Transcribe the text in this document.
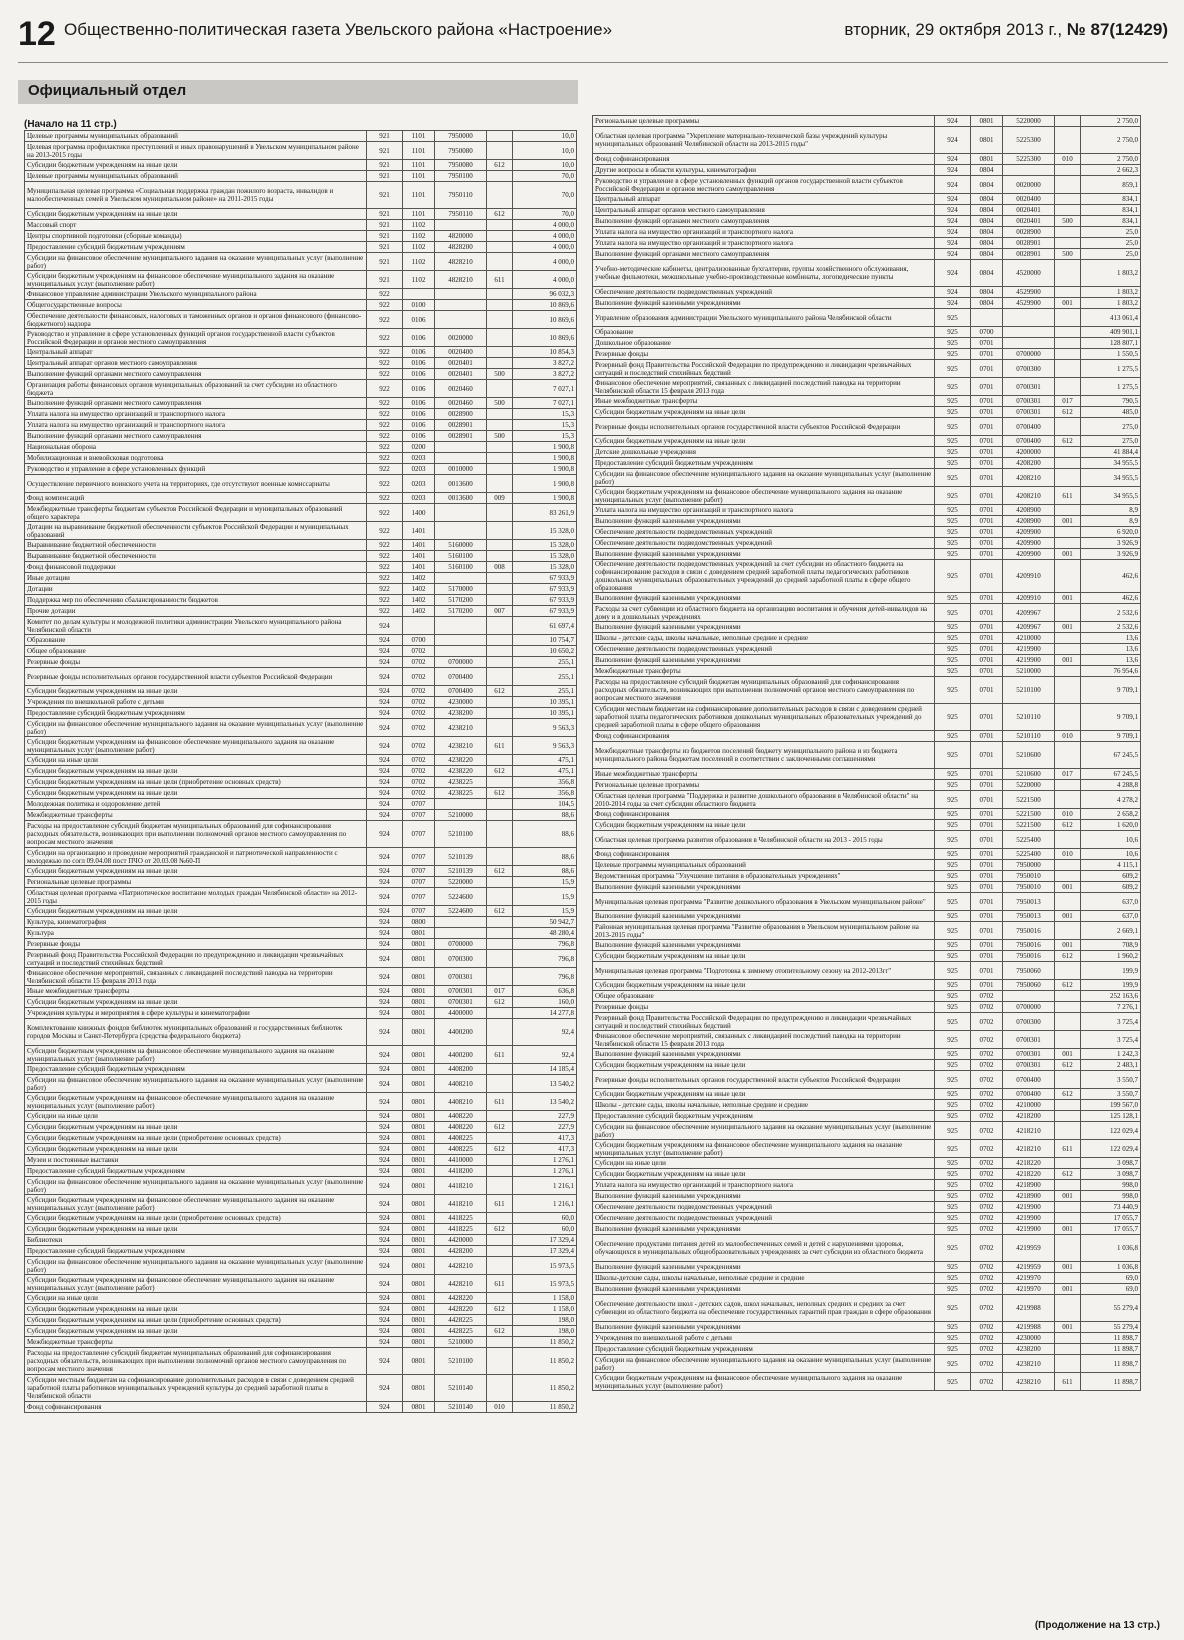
12 Общественно-политическая газета Увельского района «Настроение»	вторник, 29 октября 2013 г., № 87(12429)
Официальный отдел
(Начало на 11 стр.)
Целевые программы муниципальных образований	921	1101	7950000		10,0
Целевая программа профилактики преступлений и иных правонарушений в Увельском муниципальном районе на 2013-2015 годы	921	1101	7950080		10,0
Субсидии бюджетным учреждениям на иные цели	921	1101	7950080	612	10,0
Целевые программы муниципальных образований	921	1101	7950100		70,0
Муниципальная целевая программа «Социальная поддержка граждан пожилого возраста, инвалидов и малообеспеченных семей в Увельском муниципальном районе» на 2011-2015 годы	921	1101	7950110		70,0
Субсидии бюджетным учреждениям на иные цели	921	1101	7950110	612	70,0
Массовый спорт	921	1102			4 000,0
Центры спортивной подготовки (сборные команды)	921	1102	4820000		4 000,0
Предоставление субсидий бюджетным учреждениям	921	1102	4828200		4 000,0
Субсидии на финансовое обеспечение муниципального задания на оказание муниципальных услуг (выполнение работ)	921	1102	4828210		4 000,0
Субсидии бюджетным учреждениям на финансовое обеспечение муниципального задания на оказание муниципальных услуг (выполнение работ)	921	1102	4828210	611	4 000,0
Финансовое управление администрации Увельского муниципального района	922				96 032,3
Общегосударственные вопросы	922	0100			10 869,6
Обеспечение деятельности финансовых, налоговых и таможенных органов и органов финансового (финансово-бюджетного) надзора	922	0106			10 869,6
Руководство и управление в сфере установленных функций органов государственной власти субъектов Российской Федерации и органов местного самоуправления	922	0106	0020000		10 869,6
Центральный аппарат	922	0106	0020400		10 854,3
Центральный аппарат органов местного самоуправления	922	0106	0020401		3 827,2
Выполнение функций органами местного самоуправления	922	0106	0020401	500	3 827,2
Организация работы финансовых органов муниципальных образований за счет субсидии из областного бюджета	922	0106	0020460		7 027,1
Выполнение функций органами местного самоуправления	922	0106	0020460	500	7 027,1
Уплата налога на имущество организаций и транспортного налога	922	0106	0028900		15,3
Уплата налога на имущество организаций и транспортного налога	922	0106	0028901		15,3
Выполнение функций органами местного самоуправления	922	0106	0028901	500	15,3
Национальная оборона	922	0200			1 900,8
Мобилизационная и вневойсковая подготовка	922	0203			1 900,8
Руководство и управление в сфере установленных функций	922	0203	0010000		1 900,8
Осуществление первичного воинского учета на территориях, где отсутствуют военные комиссариаты	922	0203	0013600		1 900,8
Фонд компенсаций	922	0203	0013600	009	1 900,8
Межбюджетные трансферты бюджетам субъектов Российской Федерации и муниципальных образований общего характера	922	1400			83 261,9
Дотации на выравнивание бюджетной обеспеченности субъектов Российской Федерации и муниципальных образований	922	1401			15 328,0
Выравнивание бюджетной обеспеченности	922	1401	5160000		15 328,0
Выравнивание бюджетной обеспеченности	922	1401	5160100		15 328,0
Фонд финансовой поддержки	922	1401	5160100	008	15 328,0
Иные дотации	922	1402			67 933,9
Дотации	922	1402	5170000		67 933,9
Поддержка мер по обеспечению сбалансированности бюджетов	922	1402	5170200		67 933,9
Прочие дотации	922	1402	5170200	007	67 933,9
Комитет по делам культуры и молодежной политики администрации Увельского муниципального района Челябинской области	924				61 697,4
Образование	924	0700			10 754,7
Общее образование	924	0702			10 650,2
Резервные фонды	924	0702	0700000		255,1
Резервные фонды исполнительных органов государственной власти субъектов Российской Федерации	924	0702	0700400		255,1
Субсидии бюджетным учреждениям на иные цели	924	0702	0700400	612	255,1
Учреждения по внешкольной работе с детьми	924	0702	4230000		10 395,1
Предоставление субсидий бюджетным учреждениям	924	0702	4238200		10 395,1
Субсидии на финансовое обеспечение муниципального задания на оказание муниципальных услуг (выполнение работ)	924	0702	4238210		9 563,3
Субсидии бюджетным учреждениям на финансовое обеспечение муниципального задания на оказание муниципальных услуг (выполнение работ)	924	0702	4238210	611	9 563,3
Субсидии на иные цели	924	0702	4238220		475,1
Субсидии бюджетным учреждениям на иные цели	924	0702	4238220	612	475,1
Субсидии бюджетным учреждениям на иные цели (приобретение основных средств)	924	0702	4238225		356,8
Субсидии бюджетным учреждениям на иные цели	924	0702	4238225	612	356,8
Молодежная политика и оздоровление детей	924	0707			104,5
Межбюджетные трансферты	924	0707	5210000		88,6
Расходы на предоставление субсидий бюджетам муниципальных образований для софинансирования расходных обязательств, возникающих при выполнении полномочий органов местного самоуправления по вопросам местного значения	924	0707	5210100		88,6
Субсидии на организацию и проведение мероприятий гражданской и патриотической направленности с молодежью по согл 09.04.08 пост ПЧО от 20.03.08 №60-П	924	0707	5210139		88,6
Субсидии бюджетным учреждениям на иные цели	924	0707	5210139	612	88,6
Региональные целевые программы	924	0707	5220000		15,9
Областная целевая программа «Патриотическое воспитание молодых граждан Челябинской области» на 2012-2015 годы	924	0707	5224600		15,9
Субсидии бюджетным учреждениям на иные цели	924	0707	5224600	612	15,9
Культура, кинематография	924	0800			50 942,7
Культура	924	0801			48 280,4
Резервные фонды	924	0801	0700000		796,8
Резервный фонд Правительства Российской Федерации по предупреждению и ликвидации чрезвычайных ситуаций и последствий стихийных бедствий	924	0801	0700300		796,8
Финансовое обеспечение мероприятий, связанных с ликвидацией последствий паводка на территории Челябинской области 15 февраля 2013 года	924	0801	0700301		796,8
Иные межбюджетные трансферты	924	0801	0700301	017	636,8
Субсидии бюджетным учреждениям на иные цели	924	0801	0700301	612	160,0
Учреждения культуры и мероприятия в сфере культуры и кинематографии	924	0801	4400000		14 277,8
Комплектование книжных фондов библиотек муниципальных образований и государственных библиотек городов Москвы и Санкт-Петербурга (средства федерального бюджета)	924	0801	4400200		92,4
Субсидии бюджетным учреждениям на финансовое обеспечение муниципального задания на оказание муниципальных услуг (выполнение работ)	924	0801	4400200	611	92,4
Предоставление субсидий бюджетным учреждениям	924	0801	4408200		14 185,4
Субсидии на финансовое обеспечение муниципального задания на оказание муниципальных услуг (выполнение работ)	924	0801	4408210		13 540,2
Субсидии бюджетным учреждениям на финансовое обеспечение муниципального задания на оказание муниципальных услуг (выполнение работ)	924	0801	4408210	611	13 540,2
Субсидии на иные цели	924	0801	4408220		227,9
Субсидии бюджетным учреждениям на иные цели	924	0801	4408220	612	227,9
Субсидии бюджетным учреждениям на иные цели (приобретение основных средств)	924	0801	4408225		417,3
Субсидии бюджетным учреждениям на иные цели	924	0801	4408225	612	417,3
Музеи и постоянные выставки	924	0801	4410000		1 276,1
Предоставление субсидий бюджетным учреждениям	924	0801	4418200		1 276,1
Субсидии на финансовое обеспечение муниципального задания на оказание муниципальных услуг (выполнение работ)	924	0801	4418210		1 216,1
Субсидии бюджетным учреждениям на финансовое обеспечение муниципального задания на оказание муниципальных услуг (выполнение работ)	924	0801	4418210	611	1 216,1
Субсидии бюджетным учреждениям на иные цели (приобретение основных средств)	924	0801	4418225		60,0
Субсидии бюджетным учреждениям на иные цели	924	0801	4418225	612	60,0
Библиотеки	924	0801	4420000		17 329,4
Предоставление субсидий бюджетным учреждениям	924	0801	4428200		17 329,4
Субсидии на финансовое обеспечение муниципального задания на оказание муниципальных услуг (выполнение работ)	924	0801	4428210		15 973,5
Субсидии бюджетным учреждениям на финансовое обеспечение муниципального задания на оказание муниципальных услуг (выполнение работ)	924	0801	4428210	611	15 973,5
Субсидии на иные цели	924	0801	4428220		1 158,0
Субсидии бюджетным учреждениям на иные цели	924	0801	4428220	612	1 158,0
Субсидии бюджетным учреждениям на иные цели (приобретение основных средств)	924	0801	4428225		198,0
Субсидии бюджетным учреждениям на иные цели	924	0801	4428225	612	198,0
Межбюджетные трансферты	924	0801	5210000		11 850,2
Расходы на предоставление субсидий бюджетам муниципальных образований для софинансирования расходных обязательств, возникающих при выполнении полномочий органов местного самоуправления по вопросам местного значения	924	0801	5210100		11 850,2
Субсидии местным бюджетам на софинансирование дополнительных расходов в связи с доведением средней заработной платы работников муниципальных учреждений культуры до средней заработной платы в Челябинской области	924	0801	5210140		11 850,2
Фонд софинансирования	924	0801	5210140	010	11 850,2
Региональные целевые программы	924	0801	5220000		2 750,0
Областная целевая программа "Укрепление материально-технической базы учреждений культуры муниципальных образований Челябинской области на 2013-2015 годы"	924	0801	5225300		2 750,0
Фонд софинансирования	924	0801	5225300	010	2 750,0
Другие вопросы в области культуры, кинематографии	924	0804			2 662,3
Руководство и управление в сфере установленных функций органов государственной власти субъектов Российской Федерации и органов местного самоуправления	924	0804	0020000		859,1
Центральный аппарат	924	0804	0020400		834,1
Центральный аппарат органов местного самоуправления	924	0804	0020401		834,1
Выполнение функций органами местного самоуправления	924	0804	0020401	500	834,1
Уплата налога на имущество организаций и транспортного налога	924	0804	0028900		25,0
Уплата налога на имущество организаций и транспортного налога	924	0804	0028901		25,0
Выполнение функций органами местного самоуправления	924	0804	0028901	500	25,0
Учебно-методические кабинеты, централизованные бухгалтерии, группы хозяйственного обслуживания, учебные фильмотеки, межшкольные учебно-производственные комбинаты, логопедические пункты	924	0804	4520000		1 803,2
Обеспечение деятельности подведомственных учреждений	924	0804	4529900		1 803,2
Выполнение функций казенными учреждениями	924	0804	4529900	001	1 803,2
Управление образования администрации Увельского муниципального района Челябинской области	925				413 061,4
Образование	925	0700			409 901,1
Дошкольное образование	925	0701			128 807,1
Резервные фонды	925	0701	0700000		1 550,5
Резервный фонд Правительства Российской Федерации по предупреждению и ликвидации чрезвычайных ситуаций и последствий стихийных бедствий	925	0701	0700300		1 275,5
Финансовое обеспечение мероприятий, связанных с ликвидацией последствий паводка на территории Челябинской области 15 февраля 2013 года	925	0701	0700301		1 275,5
Иные межбюджетные трансферты	925	0701	0700301	017	790,5
Субсидии бюджетным учреждениям на иные цели	925	0701	0700301	612	485,0
Резервные фонды исполнительных органов государственной власти субъектов Российской Федерации	925	0701	0700400		275,0
Субсидии бюджетным учреждениям на иные цели	925	0701	0700400	612	275,0
Детские дошкольные учреждения	925	0701	4200000		41 884,4
Предоставление субсидий бюджетным учреждениям	925	0701	4208200		34 955,5
Субсидии на финансовое обеспечение муниципального задания на оказание муниципальных услуг (выполнение работ)	925	0701	4208210		34 955,5
Субсидии бюджетным учреждениям на финансовое обеспечение муниципального задания на оказание муниципальных услуг (выполнение работ)	925	0701	4208210	611	34 955,5
Уплата налога на имущество организаций и транспортного налога	925	0701	4208900		8,9
Выполнение функций казенными учреждениями	925	0701	4208900	001	8,9
Обеспечение деятельности подведомственных учреждений	925	0701	4209900		6 920,0
Обеспечение деятельности подведомственных учреждений	925	0701	4209900		3 926,9
Выполнение функций казенными учреждениями	925	0701	4209900	001	3 926,9
Обеспечение деятельности подведомственных учреждений за счет субсидии из областного бюджета на софинансирование расходов в связи с доведением средней заработной платы педагогических работников дошкольных муниципальных образовательных учреждений до средней заработной платы в сфере общего образования	925	0701	4209910		462,6
Выполнение функций казенными учреждениями	925	0701	4209910	001	462,6
Расходы за счет субвенции из областного бюджета на организацию воспитания и обучения детей-инвалидов на дому и в дошкольных учреждениях	925	0701	4209967		2 532,6
Выполнение функций казенными учреждениями	925	0701	4209967	001	2 532,6
Школы - детские сады, школы начальные, неполные средние и средние	925	0701	4210000		13,6
Обеспечение деятельности подведомственных учреждений	925	0701	4219900		13,6
Выполнение функций казенными учреждениями	925	0701	4219900	001	13,6
Межбюджетные трансферты	925	0701	5210000		76 954,6
Расходы на предоставление субсидий бюджетам муниципальных образований для софинансирования расходных обязательств, возникающих при выполнении полномочий органов местного самоуправления по вопросам местного значения	925	0701	5210100		9 709,1
Субсидии местным бюджетам на софинансирование дополнительных расходов в связи с доведением средней заработной платы педагогических работников дошкольных муниципальных образовательных учреждений до средней заработной платы в сфере общего образования	925	0701	5210110		9 709,1
Фонд софинансирования	925	0701	5210110	010	9 709,1
Межбюджетные трансферты из бюджетов поселений бюджету муниципального района и из бюджета муниципального района бюджетам поселений в соответствии с заключенными соглашениями	925	0701	5210600		67 245,5
Иные межбюджетные трансферты	925	0701	5210600	017	67 245,5
Региональные целевые программы	925	0701	5220000		4 288,8
Областная целевая программа "Поддержка и развитие дошкольного образования в Челябинской области" на 2010-2014 годы за счет субсидии областного бюджета	925	0701	5221500		4 278,2
Фонд софинансирования	925	0701	5221500	010	2 658,2
Субсидии бюджетным учреждениям на иные цели	925	0701	5221500	612	1 620,0
Областная целевая программа развития образования в Челябинской области на 2013 - 2015 годы	925	0701	5225400		10,6
Фонд софинансирования	925	0701	5225400	010	10,6
Целевые программы муниципальных образований	925	0701	7950000		4 115,1
Ведомственная программа "Улучшение питания в образовательных учреждениях"	925	0701	7950010		609,2
Выполнение функций казенными учреждениями	925	0701	7950010	001	609,2
Муниципальная целевая программа "Развитие дошкольного образования в Увельском муниципальном районе"	925	0701	7950013		637,0
Выполнение функций казенными учреждениями	925	0701	7950013	001	637,0
Районная муниципальная целевая программа "Развитие образования в Увельском муниципальном районе на 2013-2015 годы"	925	0701	7950016		2 669,1
Выполнение функций казенными учреждениями	925	0701	7950016	001	708,9
Субсидии бюджетным учреждениям на иные цели	925	0701	7950016	612	1 960,2
Муниципальная целевая программа "Подготовка к зимнему отопительному сезону на 2012-2013гг"	925	0701	7950060		199,9
Субсидии бюджетным учреждениям на иные цели	925	0701	7950060	612	199,9
Общее образование	925	0702			252 163,6
Резервные фонды	925	0702	0700000		7 276,1
Резервный фонд Правительства Российской Федерации по предупреждению и ликвидации чрезвычайных ситуаций и последствий стихийных бедствий	925	0702	0700300		3 725,4
Финансовое обеспечение мероприятий, связанных с ликвидацией последствий паводка на территории Челябинской области 15 февраля 2013 года	925	0702	0700301		3 725,4
Выполнение функций казенными учреждениями	925	0702	0700301	001	1 242,3
Субсидии бюджетным учреждениям на иные цели	925	0702	0700301	612	2 483,1
Резервные фонды исполнительных органов государственной власти субъектов Российской Федерации	925	0702	0700400		3 550,7
Субсидии бюджетным учреждениям на иные цели	925	0702	0700400	612	3 550,7
Школы - детские сады, школы начальные, неполные средние и средние	925	0702	4210000		199 567,0
Предоставление субсидий бюджетным учреждениям	925	0702	4218200		125 128,1
Субсидии на финансовое обеспечение муниципального задания на оказание муниципальных услуг (выполнение работ)	925	0702	4218210		122 029,4
Субсидии бюджетным учреждениям на финансовое обеспечение муниципального задания на оказание муниципальных услуг (выполнение работ)	925	0702	4218210	611	122 029,4
Субсидии на иные цели	925	0702	4218220		3 098,7
Субсидии бюджетным учреждениям на иные цели	925	0702	4218220	612	3 098,7
Уплата налога на имущество организаций и транспортного налога	925	0702	4218900		998,0
Выполнение функций казенными учреждениями	925	0702	4218900	001	998,0
Обеспечение деятельности подведомственных учреждений	925	0702	4219900		73 440,9
Обеспечение деятельности подведомственных учреждений	925	0702	4219900		17 055,7
Выполнение функций казенными учреждениями	925	0702	4219900	001	17 055,7
Обеспечение продуктами питания детей из малообеспеченных семей и детей с нарушениями здоровья, обучающихся в муниципальных общеобразовательных учреждениях за счет субсидии из областного бюджета	925	0702	4219959		1 036,8
Выполнение функций казенными учреждениями	925	0702	4219959	001	1 036,8
Школы-детские сады, школы начальные, неполные средние и средние	925	0702	4219970		69,0
Выполнение функций казенными учреждениями	925	0702	4219970	001	69,0
Обеспечение деятельности школ - детских садов, школ начальных, неполных средних и средних за счет субвенции из областного бюджета на обеспечение государственных гарантий прав граждан в сфере образования	925	0702	4219988		55 279,4
Выполнение функций казенными учреждениями	925	0702	4219988	001	55 279,4
Учреждения по внешкольной работе с детьми	925	0702	4230000		11 898,7
Предоставление субсидий бюджетным учреждениям	925	0702	4238200		11 898,7
Субсидии на финансовое обеспечение муниципального задания на оказание муниципальных услуг (выполнение работ)	925	0702	4238210		11 898,7
Субсидии бюджетным учреждениям на финансовое обеспечение муниципального задания на оказание муниципальных услуг (выполнение работ)	925	0702	4238210	611	11 898,7
(Продолжение на 13 стр.)
